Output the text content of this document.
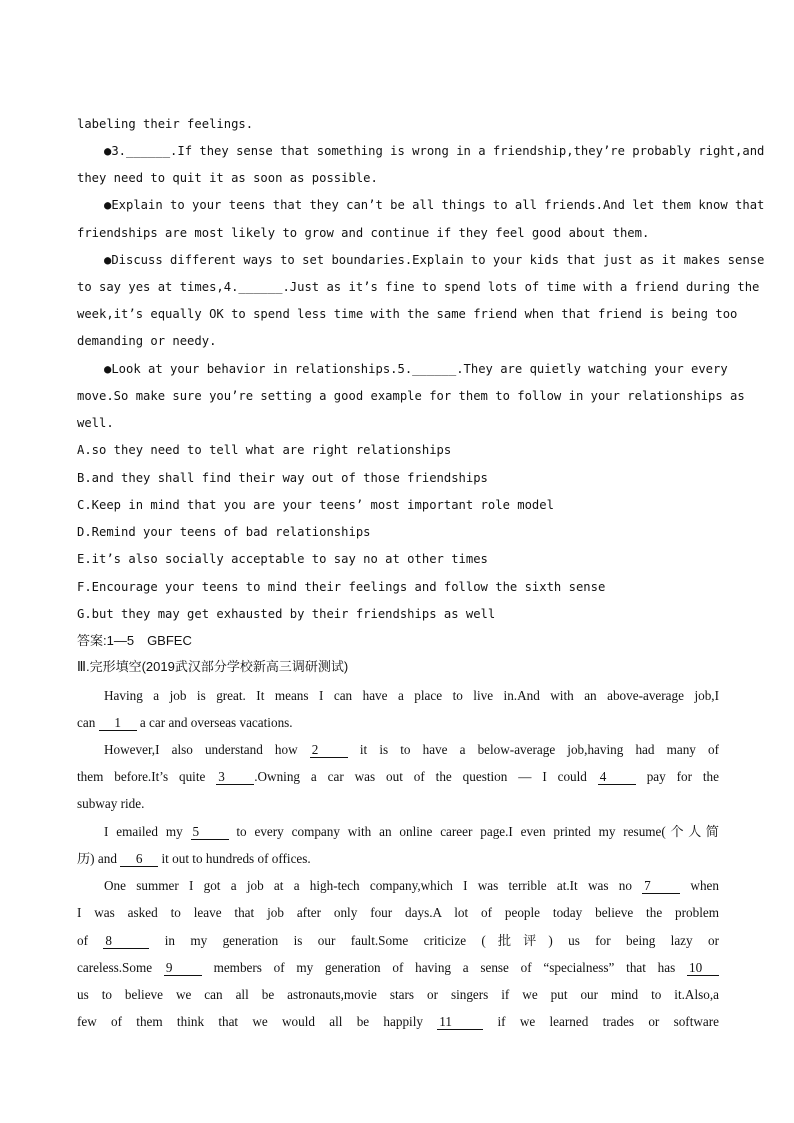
labeling their feelings.
●3.______.If they sense that something is wrong in a friendship,they’re probably right,and
they need to quit it as soon as possible.
●Explain to your teens that they can’t be all things to all friends.And let them know that
friendships are most likely to grow and continue if they feel good about them.
●Discuss different ways to set boundaries.Explain to your kids that just as it makes sense
to say yes at times,4.______.Just as it’s fine to spend lots of time with a friend during the
week,it’s equally OK to spend less time with the same friend when that friend is being too
demanding or needy.
●Look at your behavior in relationships.5.______.They are quietly watching your every
move.So make sure you’re setting a good example for them to follow in your relationships as
well.
A.so they need to tell what are right relationships
B.and they shall find their way out of those friendships
C.Keep in mind that you are your teens’ most important role model
D.Remind your teens of bad relationships
E.it’s also socially acceptable to say no at other times
F.Encourage your teens to mind their feelings and follow the sixth sense
G.but they may get exhausted by their friendships as well
答案:1—5　GBFEC
Ⅲ.完形填空(2019武汉部分学校新高三调研测试)
Having a job is great. It means I can have a place to live in.And with an above-average job,I
can 1 a car and overseas vacations.
However,I also understand how 2 it is to have a below-average job,having had many of
them before.It’s quite 3 .Owning a car was out of the question — I could 4 pay for the
subway ride.
I emailed my 5 to every company with an online career page.I even printed my resume(个人简
历) and 6 it out to hundreds of offices.
One summer I got a job at a high-tech company,which I was terrible at.It was no 7 when
I was asked to leave that job after only four days.A lot of people today believe the problem
of 8	in my generation is our fault.Some criticize (批评) us for being lazy or
careless.Some 9 members of my generation of having a sense of “specialness” that has 10
us to believe we can all be astronauts,movie stars or singers if we put our mind to it.Also,a
few of them think that we would all be happily 11 if we learned trades or software
